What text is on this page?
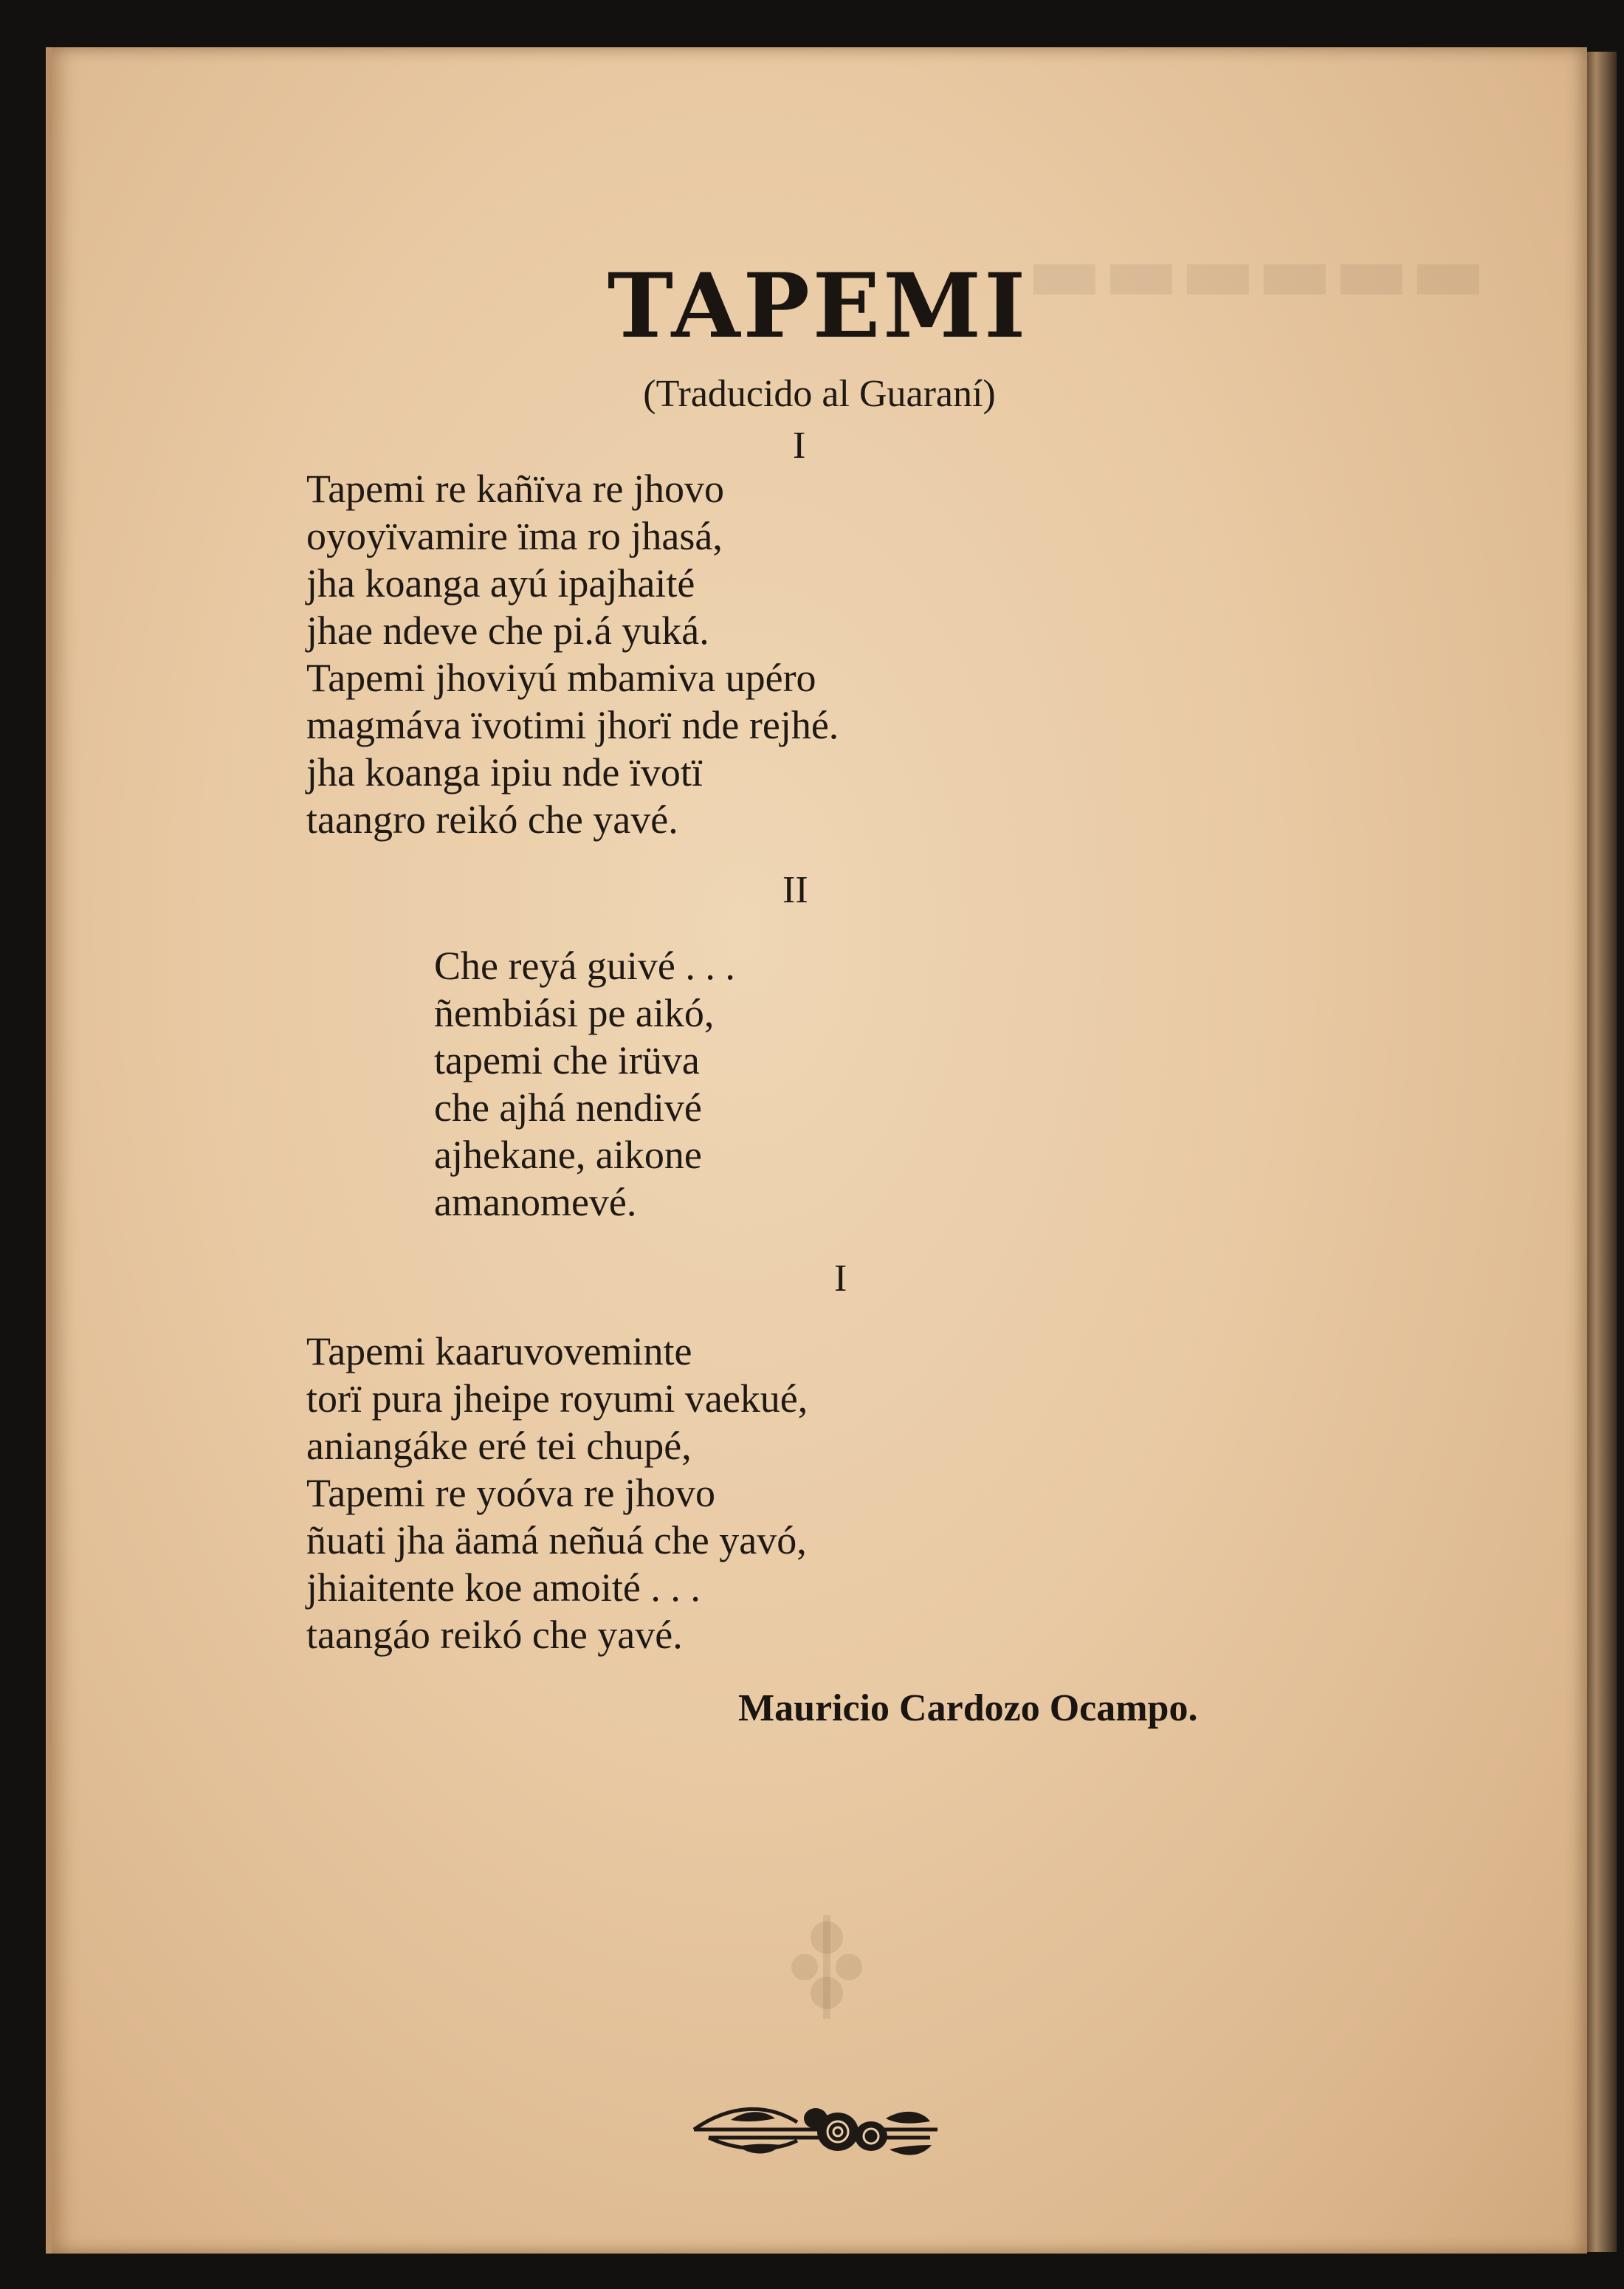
▬▬▬▬▬▬
TAPEMI
(Traducido al Guaraní)
I
Tapemi re kañïva re jhovo
oyoyïvamire ïma ro jhasá,
jha koanga ayú ipajhaité
jhae ndeve che pi.á yuká.
Tapemi jhoviyú mbamiva upéro
magmáva ïvotimi jhorï nde rejhé.
jha koanga ipiu nde ïvotï
taangro reikó che yavé.
II
Che reyá guivé . . .
ñembiási pe aikó,
tapemi che irüva
che ajhá nendivé
ajhekane, aikone
amanomevé.
I
Tapemi kaaruvoveminte
torï pura jheipe royumi vaekué,
aniangáke eré tei chupé,
Tapemi re yoóva re jhovo
ñuati jha äamá neñuá che yavó,
jhiaitente koe amoité . . .
taangáo reikó che yavé.
Mauricio Cardozo Ocampo.
